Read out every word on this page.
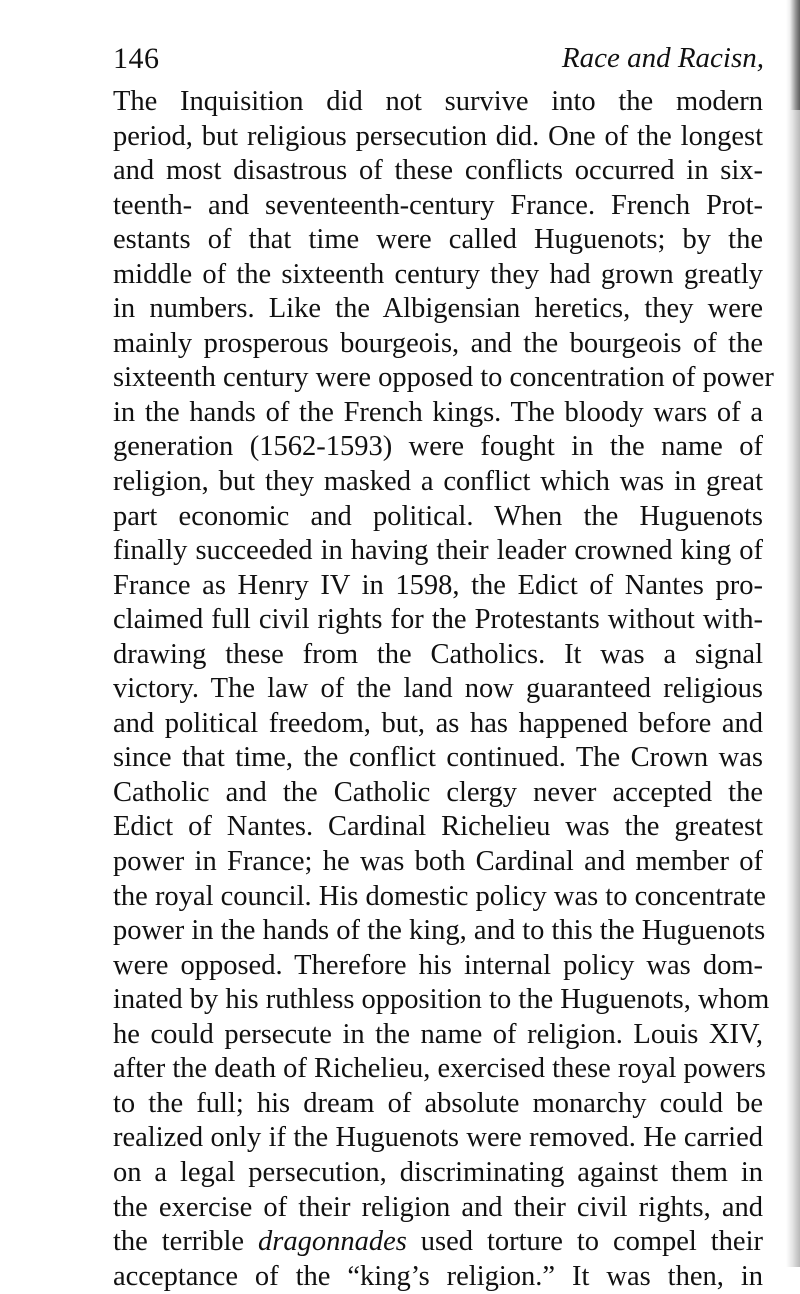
146	Race and Racisn,
The Inquisition did not survive into the modern
period, but religious persecution did. One of the longest
and most disastrous of these conflicts occurred in six-
teenth- and seventeenth-century France. French Prot-
estants of that time were called Huguenots; by the
middle of the sixteenth century they had grown greatly
in numbers. Like the Albigensian heretics, they were
mainly prosperous bourgeois, and the bourgeois of the
sixteenth century were opposed to concentration of power
in the hands of the French kings. The bloody wars of a
generation (1562-1593) were fought in the name of
religion, but they masked a conflict which was in great
part economic and political. When the Huguenots
finally succeeded in having their leader crowned king of
France as Henry IV in 1598, the Edict of Nantes pro-
claimed full civil rights for the Protestants without with-
drawing these from the Catholics. It was a signal
victory. The law of the land now guaranteed religious
and political freedom, but, as has happened before and
since that time, the conflict continued. The Crown was
Catholic and the Catholic clergy never accepted the
Edict of Nantes. Cardinal Richelieu was the greatest
power in France; he was both Cardinal and member of
the royal council. His domestic policy was to concentrate
power in the hands of the king, and to this the Huguenots
were opposed. Therefore his internal policy was dom-
inated by his ruthless opposition to the Huguenots, whom
he could persecute in the name of religion. Louis XIV,
after the death of Richelieu, exercised these royal powers
to the full; his dream of absolute monarchy could be
realized only if the Huguenots were removed. He carried
on a legal persecution, discriminating against them in
the exercise of their religion and their civil rights, and
the terrible dragonnades used torture to compel their
acceptance of the “king’s religion.” It was then, in
